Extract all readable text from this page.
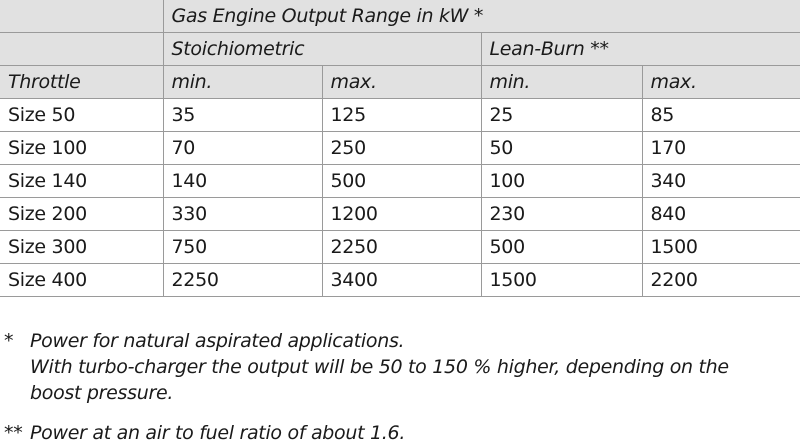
	Gas Engine Output Range in kW *			
	Stoichiometric		Lean-Burn **	
Throttle	min.	max.	min.	max.
Size 50	35	125	25	85
Size 100	70	250	50	170
Size 140	140	500	100	340
Size 200	330	1200	230	840
Size 300	750	2250	500	1500
Size 400	2250	3400	1500	2200
* Power for natural aspirated applications.
With turbo-charger the output will be 50 to 150 % higher, depending on the
boost pressure.
** Power at an air to fuel ratio of about 1.6.
